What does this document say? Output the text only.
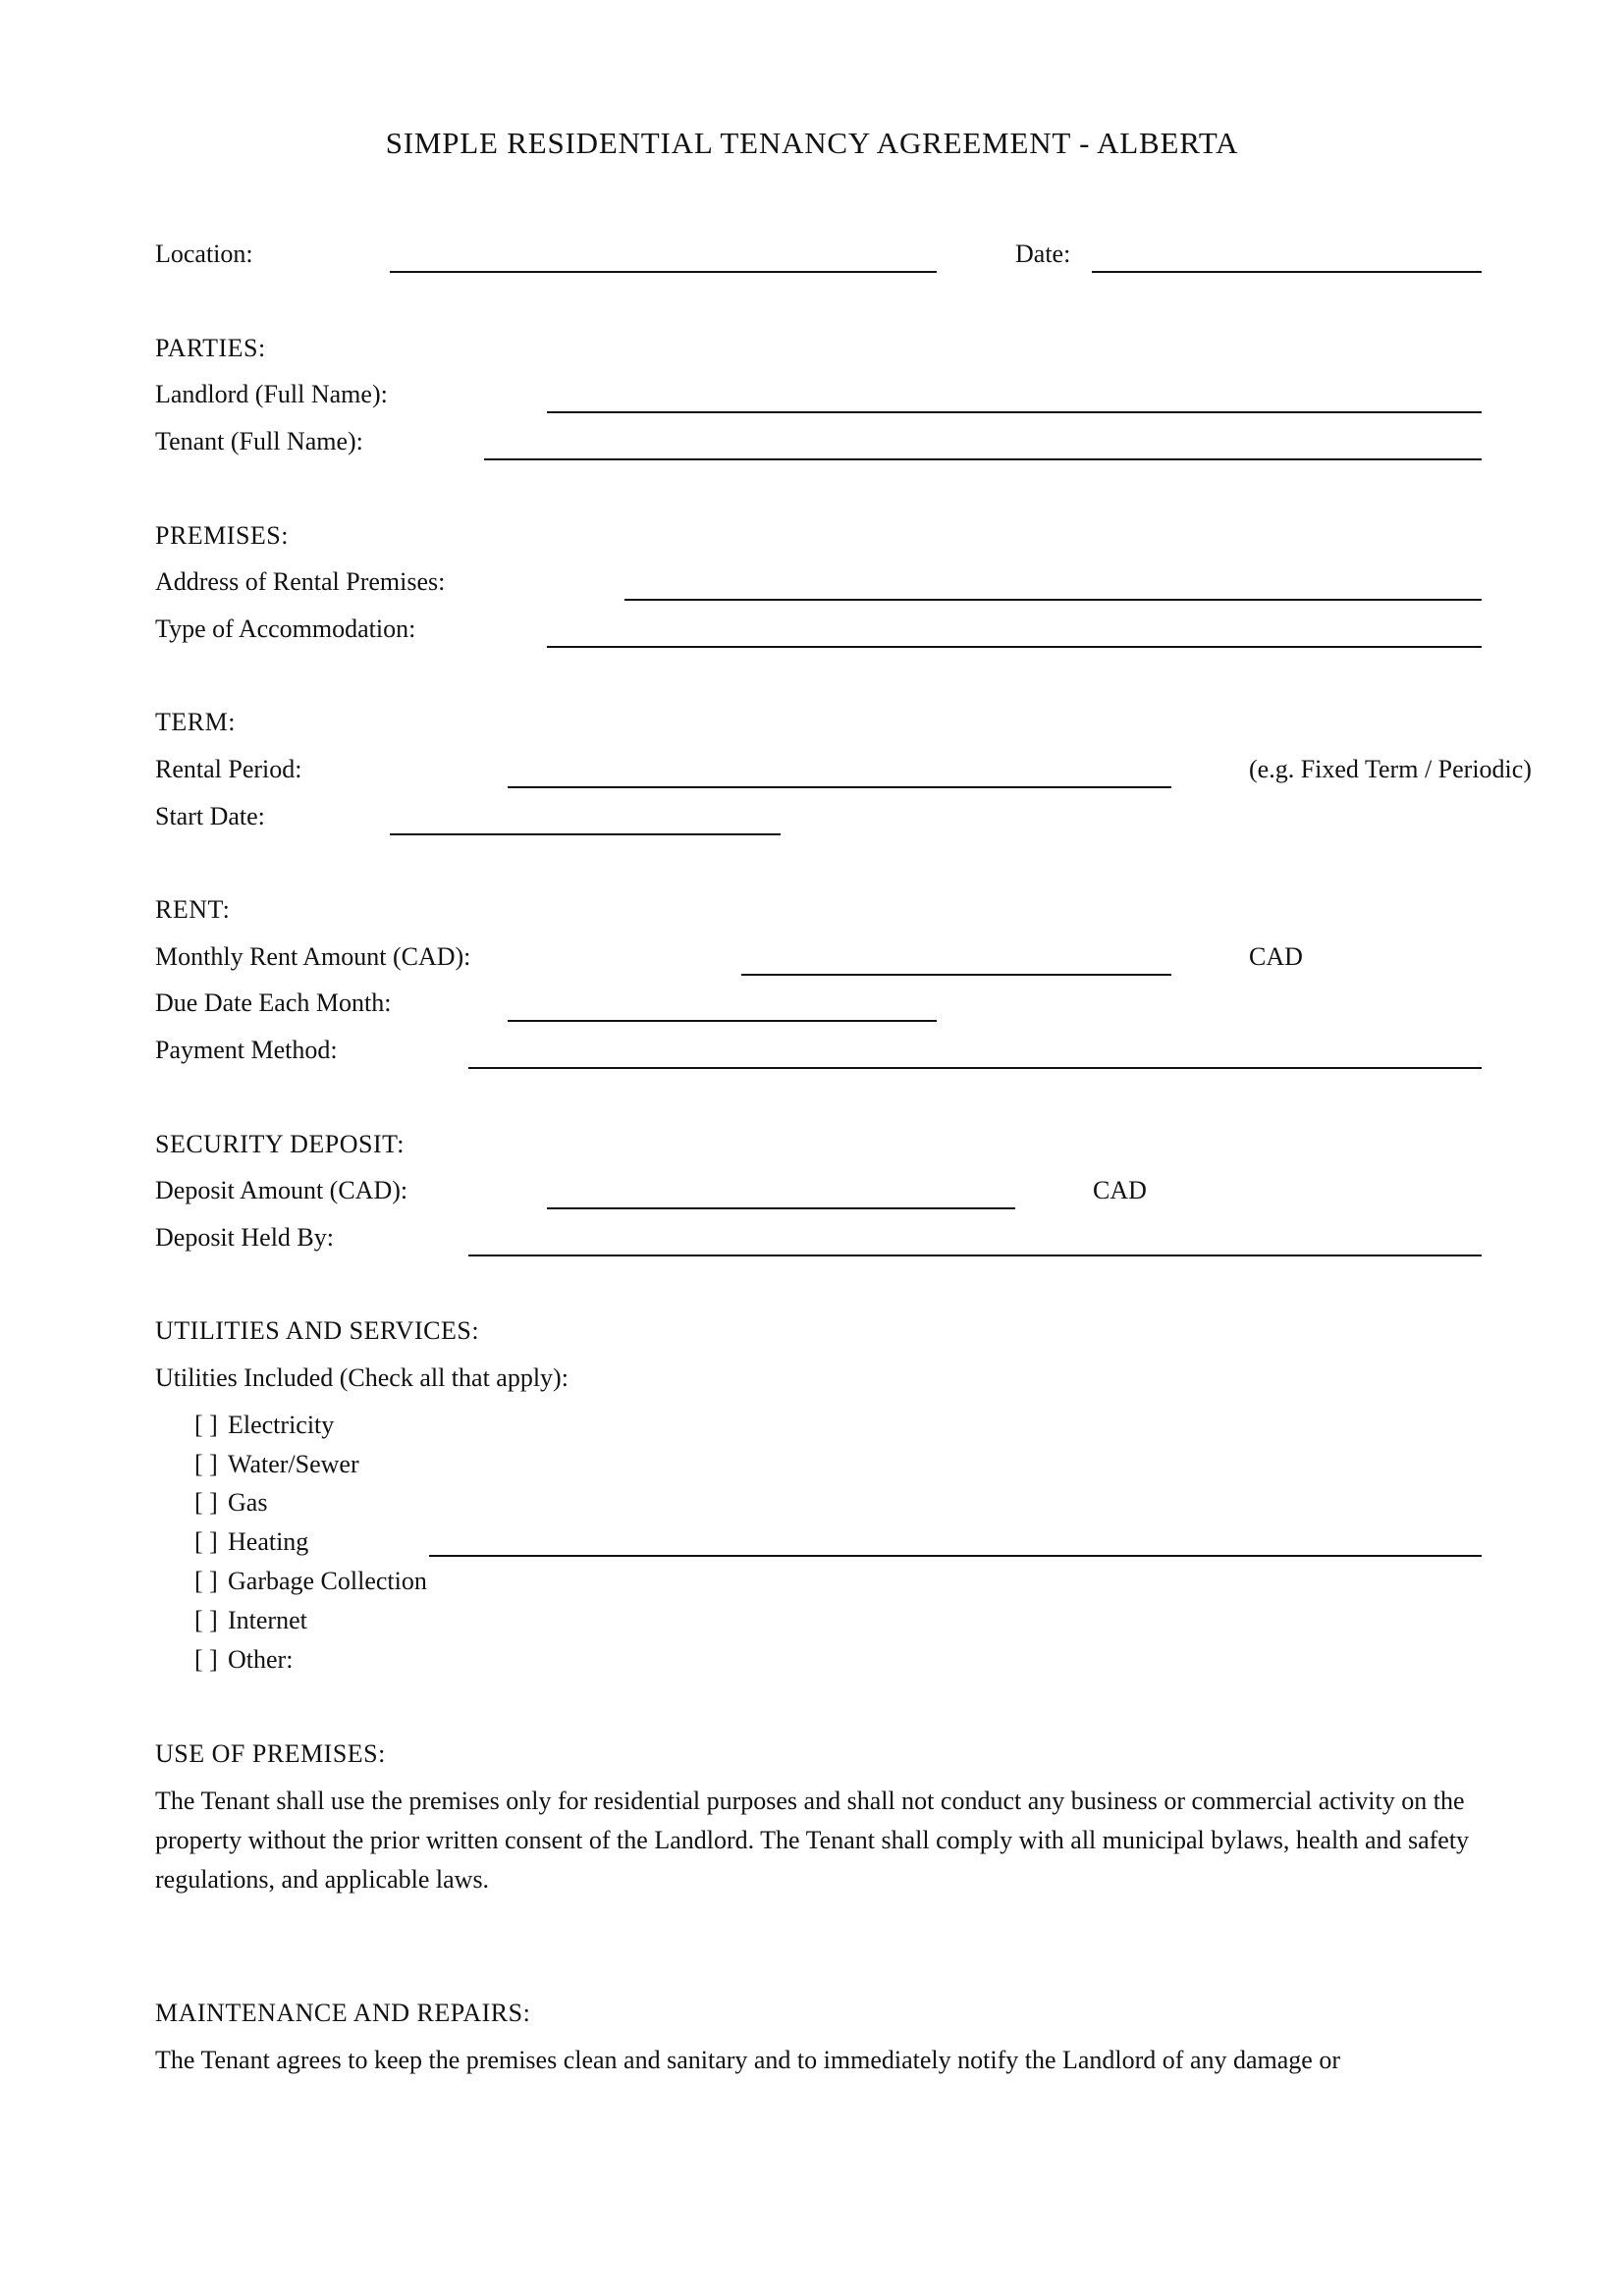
SIMPLE RESIDENTIAL TENANCY AGREEMENT - ALBERTA
Location:	Date:
PARTIES:
Landlord (Full Name):
Tenant (Full Name):
PREMISES:
Address of Rental Premises:
Type of Accommodation:
TERM:
Rental Period:	(e.g. Fixed Term / Periodic)
Start Date:
RENT:
Monthly Rent Amount (CAD):	CAD
Due Date Each Month:
Payment Method:
SECURITY DEPOSIT:
Deposit Amount (CAD):	CAD
Deposit Held By:
UTILITIES AND SERVICES:
Utilities Included (Check all that apply):
[ ] Electricity
[ ] Water/Sewer
[ ] Gas
[ ] Heating
[ ] Garbage Collection
[ ] Internet
[ ] Other:
USE OF PREMISES:
The Tenant shall use the premises only for residential purposes and shall not conduct any business or commercial activity on the property without the prior written consent of the Landlord. The Tenant shall comply with all municipal bylaws, health and safety regulations, and applicable laws.
MAINTENANCE AND REPAIRS:
The Tenant agrees to keep the premises clean and sanitary and to immediately notify the Landlord of any damage or
